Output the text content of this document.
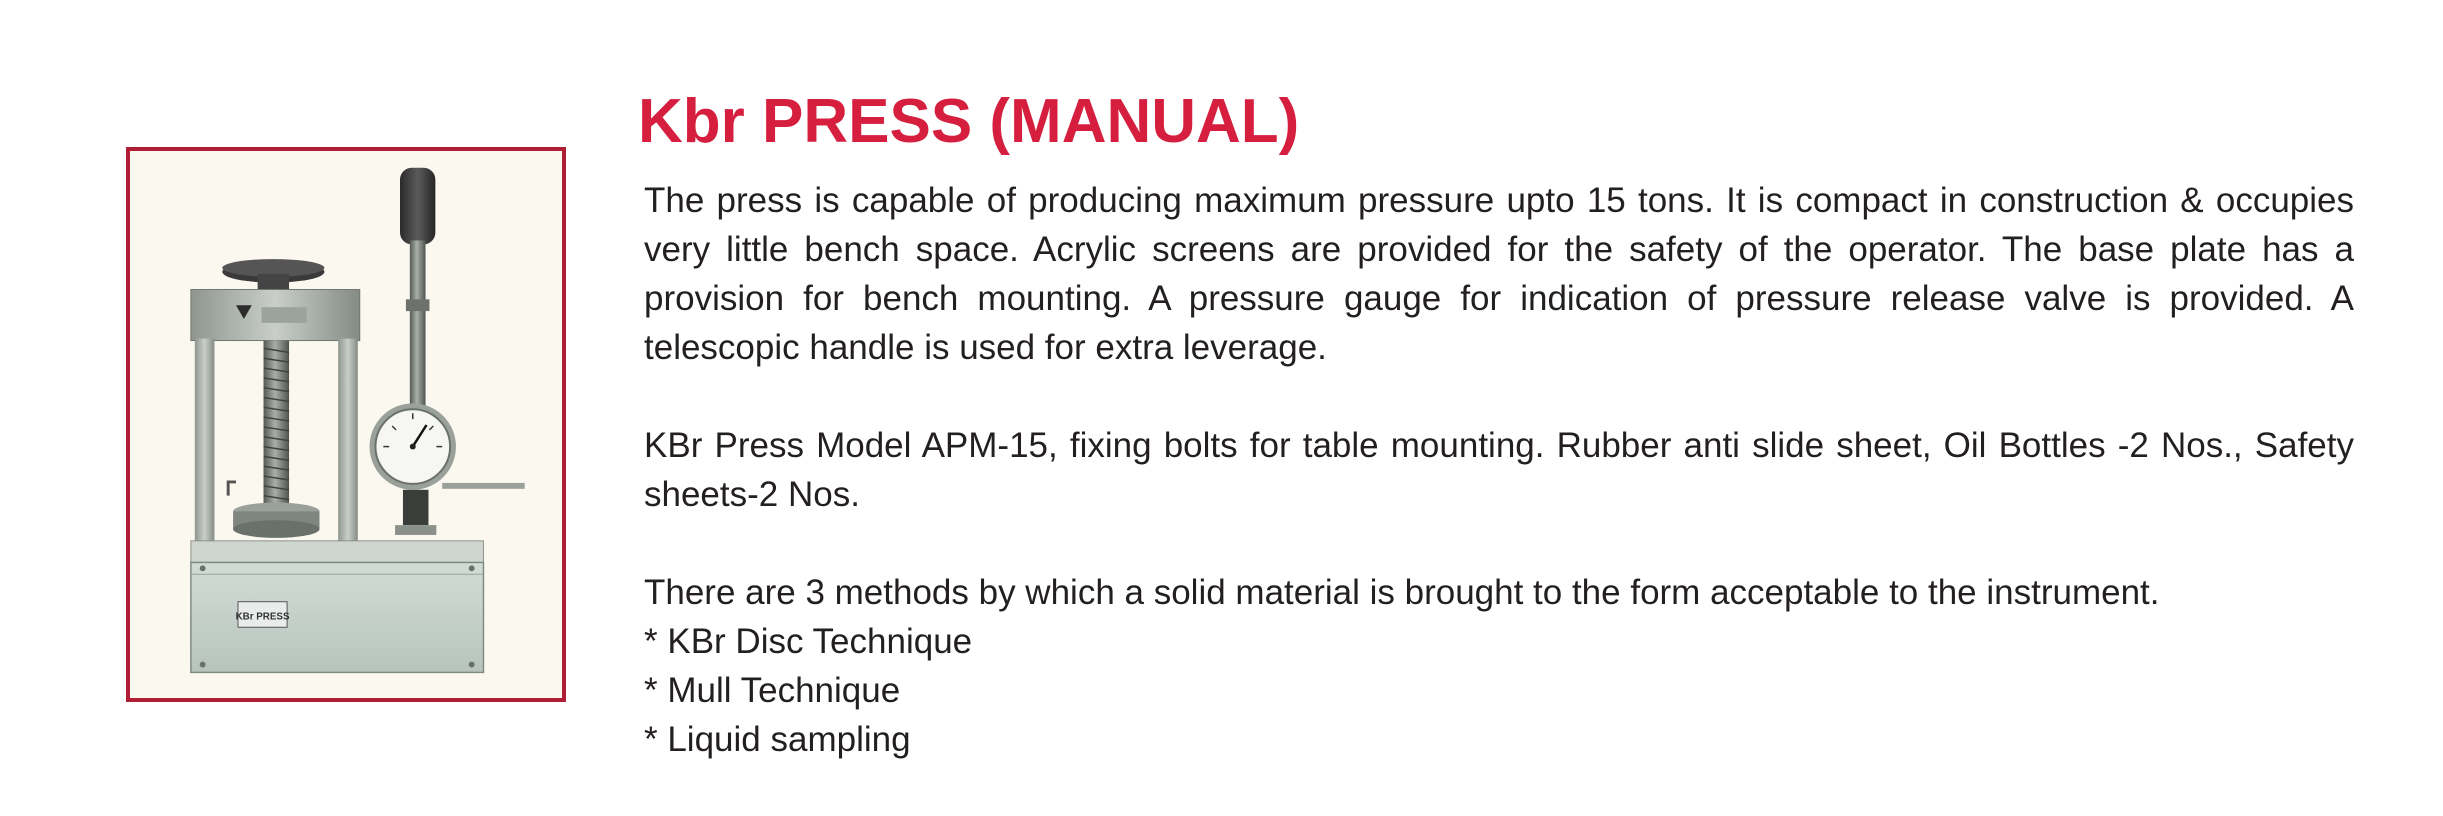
KBr PRESS
Kbr PRESS (MANUAL)

The press is capable of producing maximum pressure upto 15 tons. It is compact in construction & occupies very little bench space. Acrylic screens are provided for the safety of the operator. The base plate has a provision for bench mounting. A pressure gauge for indication of pressure release valve is provided. A telescopic handle is used for extra leverage.

KBr Press Model APM-15, fixing bolts for table mounting. Rubber anti slide sheet, Oil Bottles -2 Nos., Safety sheets-2 Nos.

There are 3 methods by which a solid material is brought to the form acceptable to the instrument.

* KBr Disc Technique

* Mull Technique

* Liquid sampling
